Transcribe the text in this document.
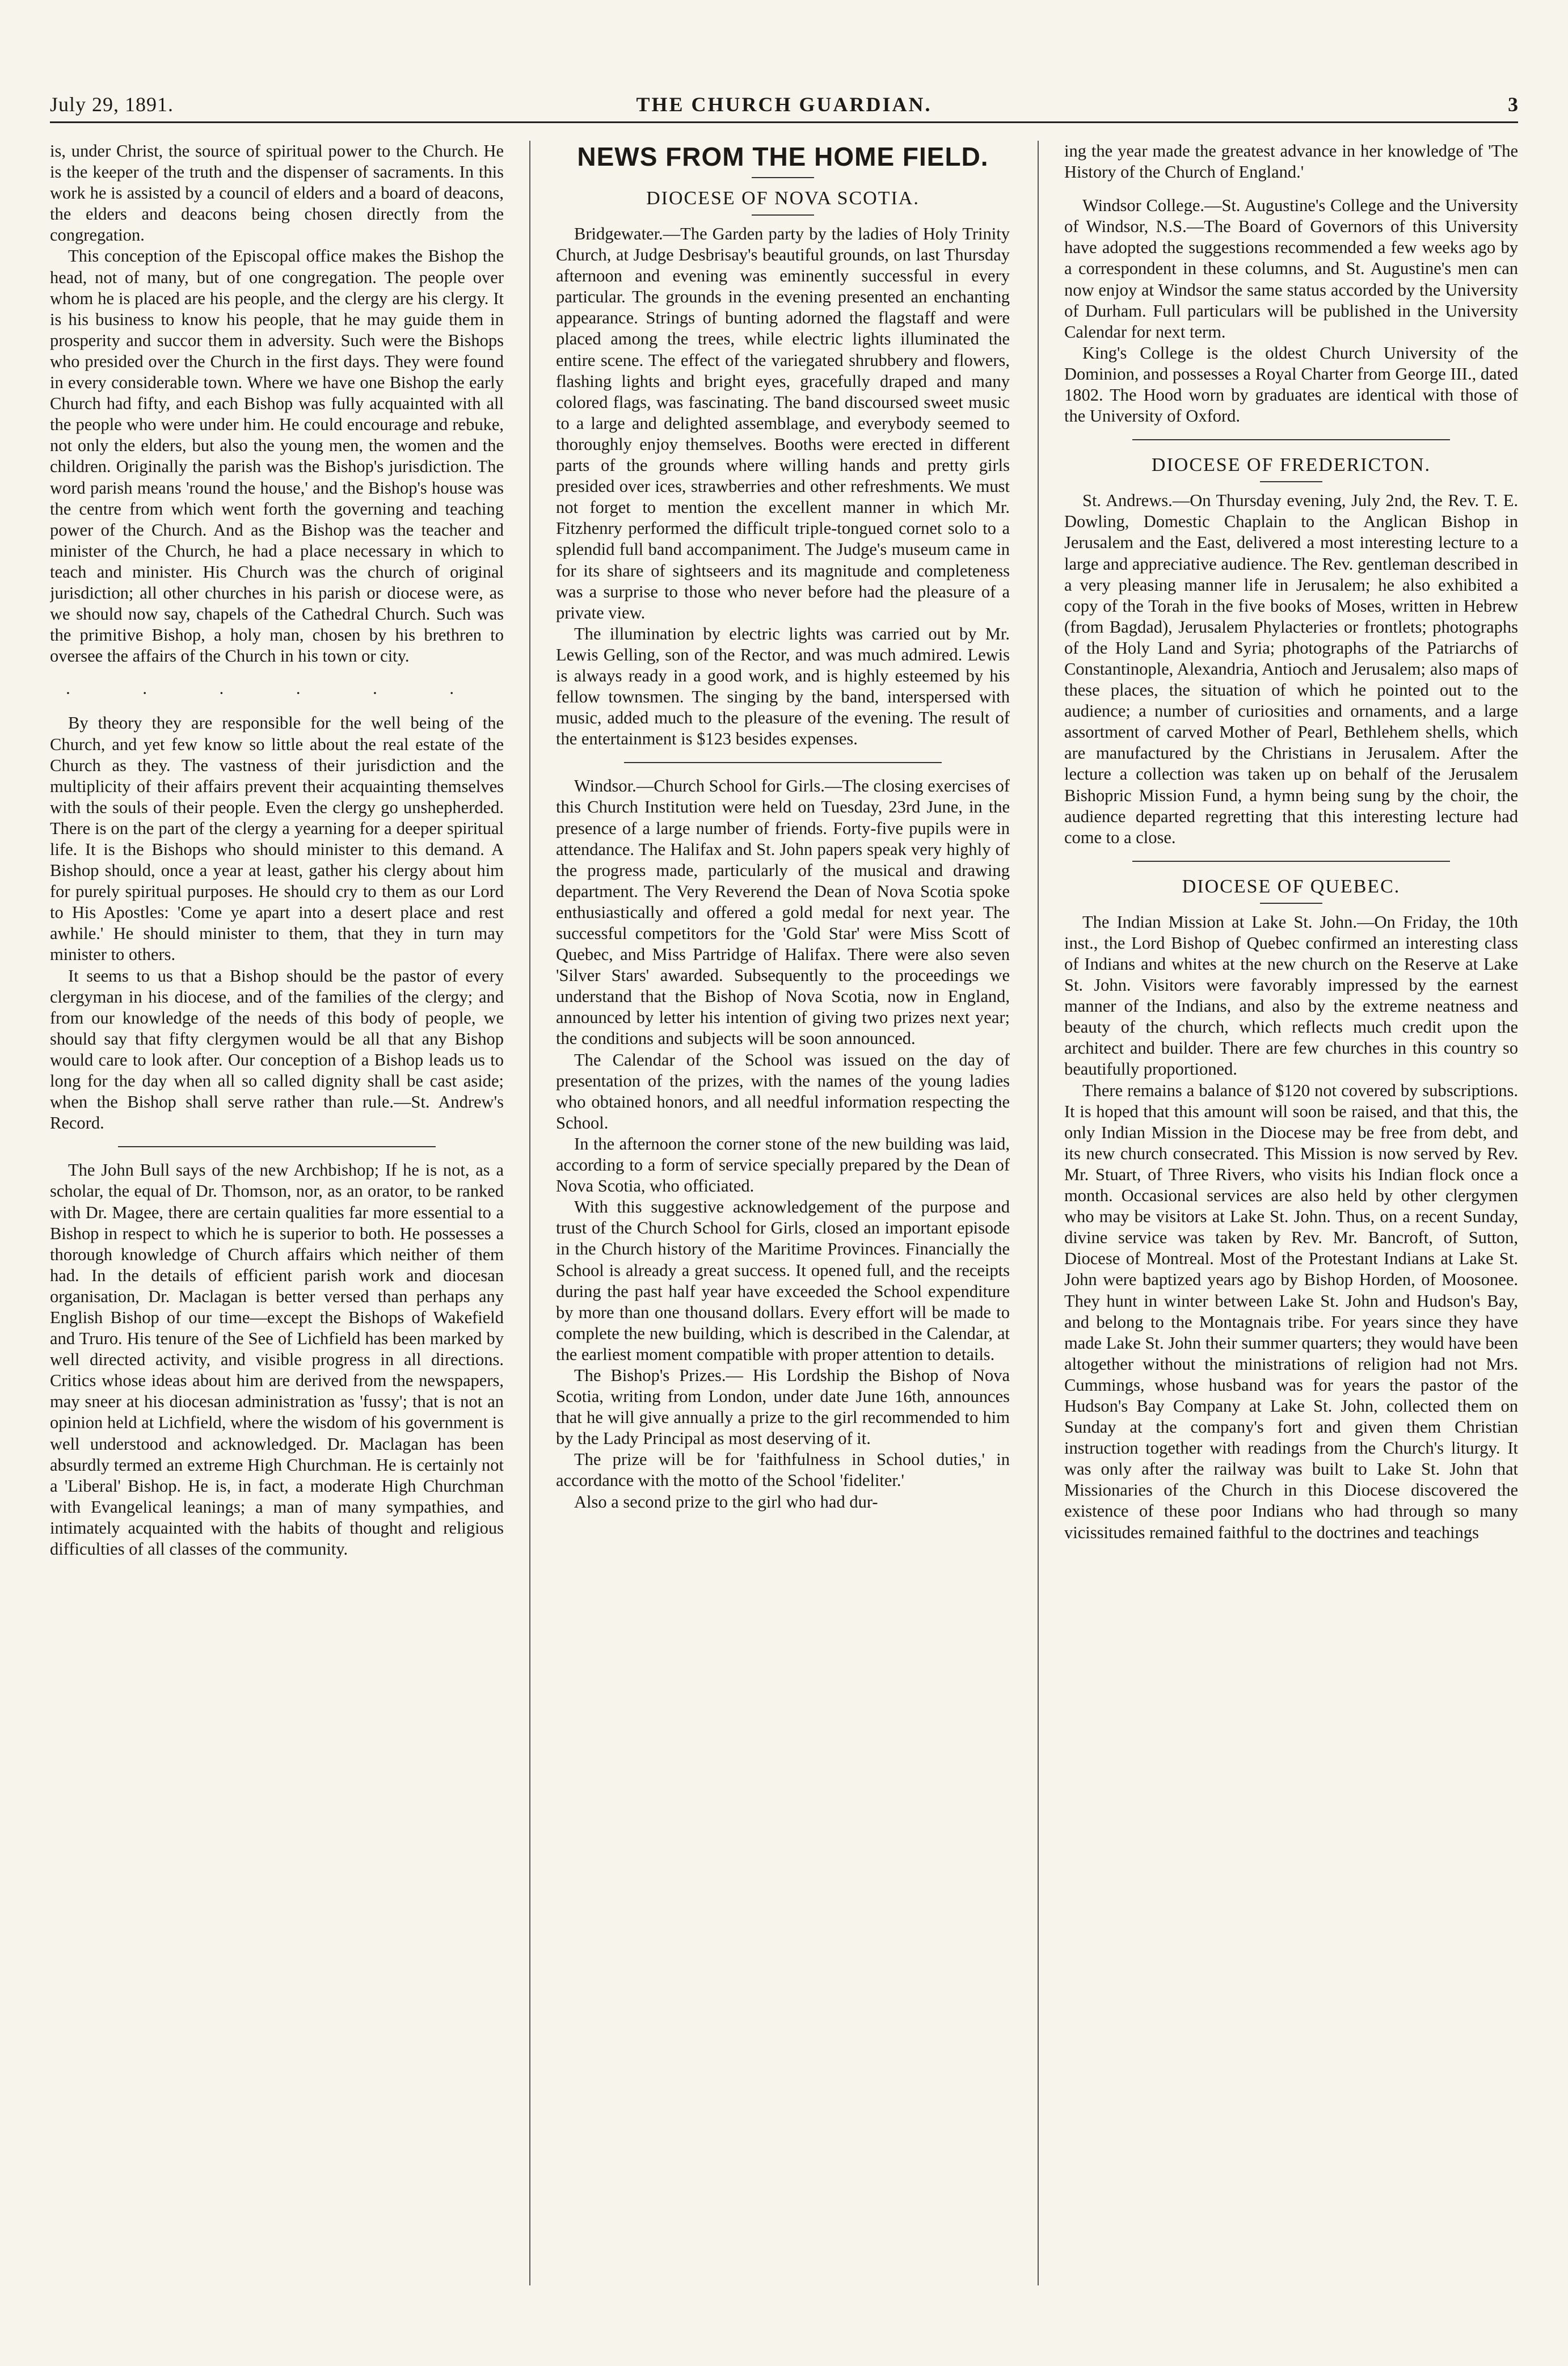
July 29, 1891.	THE CHURCH GUARDIAN.	3

is, under Christ, the source of spiritual power to the Church. He is the keeper of the truth and the dispenser of sacraments. In this work he is assisted by a council of elders and a board of deacons, the elders and deacons being chosen directly from the congregation.

This conception of the Episcopal office makes the Bishop the head, not of many, but of one congregation. The people over whom he is placed are his people, and the clergy are his clergy. It is his business to know his people, that he may guide them in prosperity and succor them in adversity. Such were the Bishops who presided over the Church in the first days. They were found in every considerable town. Where we have one Bishop the early Church had fifty, and each Bishop was fully acquainted with all the people who were under him. He could encourage and rebuke, not only the elders, but also the young men, the women and the children. Originally the parish was the Bishop's jurisdiction. The word parish means 'round the house,' and the Bishop's house was the centre from which went forth the governing and teaching power of the Church. And as the Bishop was the teacher and minister of the Church, he had a place necessary in which to teach and minister. His Church was the church of original jurisdiction; all other churches in his parish or diocese were, as we should now say, chapels of the Cathedral Church. Such was the primitive Bishop, a holy man, chosen by his brethren to oversee the affairs of the Church in his town or city.

. . . . . .

By theory they are responsible for the well being of the Church, and yet few know so little about the real estate of the Church as they. The vastness of their jurisdiction and the multiplicity of their affairs prevent their acquainting themselves with the souls of their people. Even the clergy go unshepherded. There is on the part of the clergy a yearning for a deeper spiritual life. It is the Bishops who should minister to this demand. A Bishop should, once a year at least, gather his clergy about him for purely spiritual purposes. He should cry to them as our Lord to His Apostles: 'Come ye apart into a desert place and rest awhile.' He should minister to them, that they in turn may minister to others.

It seems to us that a Bishop should be the pastor of every clergyman in his diocese, and of the families of the clergy; and from our knowledge of the needs of this body of people, we should say that fifty clergymen would be all that any Bishop would care to look after. Our conception of a Bishop leads us to long for the day when all so called dignity shall be cast aside; when the Bishop shall serve rather than rule.—St. Andrew's Record.

The John Bull says of the new Archbishop; If he is not, as a scholar, the equal of Dr. Thomson, nor, as an orator, to be ranked with Dr. Magee, there are certain qualities far more essential to a Bishop in respect to which he is superior to both. He possesses a thorough knowledge of Church affairs which neither of them had. In the details of efficient parish work and diocesan organisation, Dr. Maclagan is better versed than perhaps any English Bishop of our time—except the Bishops of Wakefield and Truro. His tenure of the See of Lichfield has been marked by well directed activity, and visible progress in all directions. Critics whose ideas about him are derived from the newspapers, may sneer at his diocesan administration as 'fussy'; that is not an opinion held at Lichfield, where the wisdom of his government is well understood and acknowledged. Dr. Maclagan has been absurdly termed an extreme High Churchman. He is certainly not a 'Liberal' Bishop. He is, in fact, a moderate High Churchman with Evangelical leanings; a man of many sympathies, and intimately acquainted with the habits of thought and religious difficulties of all classes of the community.

NEWS FROM THE HOME FIELD.
DIOCESE OF NOVA SCOTIA.

Bridgewater.—The Garden party by the ladies of Holy Trinity Church, at Judge Desbrisay's beautiful grounds, on last Thursday afternoon and evening was eminently successful in every particular. The grounds in the evening presented an enchanting appearance. Strings of bunting adorned the flagstaff and were placed among the trees, while electric lights illuminated the entire scene. The effect of the variegated shrubbery and flowers, flashing lights and bright eyes, gracefully draped and many colored flags, was fascinating. The band discoursed sweet music to a large and delighted assemblage, and everybody seemed to thoroughly enjoy themselves. Booths were erected in different parts of the grounds where willing hands and pretty girls presided over ices, strawberries and other refreshments. We must not forget to mention the excellent manner in which Mr. Fitzhenry performed the difficult triple-tongued cornet solo to a splendid full band accompaniment. The Judge's museum came in for its share of sightseers and its magnitude and completeness was a surprise to those who never before had the pleasure of a private view.

The illumination by electric lights was carried out by Mr. Lewis Gelling, son of the Rector, and was much admired. Lewis is always ready in a good work, and is highly esteemed by his fellow townsmen. The singing by the band, interspersed with music, added much to the pleasure of the evening. The result of the entertainment is $123 besides expenses.

Windsor.—Church School for Girls.—The closing exercises of this Church Institution were held on Tuesday, 23rd June, in the presence of a large number of friends. Forty-five pupils were in attendance. The Halifax and St. John papers speak very highly of the progress made, particularly of the musical and drawing department. The Very Reverend the Dean of Nova Scotia spoke enthusiastically and offered a gold medal for next year. The successful competitors for the 'Gold Star' were Miss Scott of Quebec, and Miss Partridge of Halifax. There were also seven 'Silver Stars' awarded. Subsequently to the proceedings we understand that the Bishop of Nova Scotia, now in England, announced by letter his intention of giving two prizes next year; the conditions and subjects will be soon announced.

The Calendar of the School was issued on the day of presentation of the prizes, with the names of the young ladies who obtained honors, and all needful information respecting the School.

In the afternoon the corner stone of the new building was laid, according to a form of service specially prepared by the Dean of Nova Scotia, who officiated.

With this suggestive acknowledgement of the purpose and trust of the Church School for Girls, closed an important episode in the Church history of the Maritime Provinces. Financially the School is already a great success. It opened full, and the receipts during the past half year have exceeded the School expenditure by more than one thousand dollars. Every effort will be made to complete the new building, which is described in the Calendar, at the earliest moment compatible with proper attention to details.

The Bishop's Prizes.— His Lordship the Bishop of Nova Scotia, writing from London, under date June 16th, announces that he will give annually a prize to the girl recommended to him by the Lady Principal as most deserving of it.

The prize will be for 'faithfulness in School duties,' in accordance with the motto of the School 'fideliter.'

Also a second prize to the girl who had dur-

ing the year made the greatest advance in her knowledge of 'The History of the Church of England.'

Windsor College.—St. Augustine's College and the University of Windsor, N.S.—The Board of Governors of this University have adopted the suggestions recommended a few weeks ago by a correspondent in these columns, and St. Augustine's men can now enjoy at Windsor the same status accorded by the University of Durham. Full particulars will be published in the University Calendar for next term.

King's College is the oldest Church University of the Dominion, and possesses a Royal Charter from George III., dated 1802. The Hood worn by graduates are identical with those of the University of Oxford.

DIOCESE OF FREDERICTON.

St. Andrews.—On Thursday evening, July 2nd, the Rev. T. E. Dowling, Domestic Chaplain to the Anglican Bishop in Jerusalem and the East, delivered a most interesting lecture to a large and appreciative audience. The Rev. gentleman described in a very pleasing manner life in Jerusalem; he also exhibited a copy of the Torah in the five books of Moses, written in Hebrew (from Bagdad), Jerusalem Phylacteries or frontlets; photographs of the Holy Land and Syria; photographs of the Patriarchs of Constantinople, Alexandria, Antioch and Jerusalem; also maps of these places, the situation of which he pointed out to the audience; a number of curiosities and ornaments, and a large assortment of carved Mother of Pearl, Bethlehem shells, which are manufactured by the Christians in Jerusalem. After the lecture a collection was taken up on behalf of the Jerusalem Bishopric Mission Fund, a hymn being sung by the choir, the audience departed regretting that this interesting lecture had come to a close.

DIOCESE OF QUEBEC.

The Indian Mission at Lake St. John.—On Friday, the 10th inst., the Lord Bishop of Quebec confirmed an interesting class of Indians and whites at the new church on the Reserve at Lake St. John. Visitors were favorably impressed by the earnest manner of the Indians, and also by the extreme neatness and beauty of the church, which reflects much credit upon the architect and builder. There are few churches in this country so beautifully proportioned.

There remains a balance of $120 not covered by subscriptions. It is hoped that this amount will soon be raised, and that this, the only Indian Mission in the Diocese may be free from debt, and its new church consecrated. This Mission is now served by Rev. Mr. Stuart, of Three Rivers, who visits his Indian flock once a month. Occasional services are also held by other clergymen who may be visitors at Lake St. John. Thus, on a recent Sunday, divine service was taken by Rev. Mr. Bancroft, of Sutton, Diocese of Montreal. Most of the Protestant Indians at Lake St. John were baptized years ago by Bishop Horden, of Moosonee. They hunt in winter between Lake St. John and Hudson's Bay, and belong to the Montagnais tribe. For years since they have made Lake St. John their summer quarters; they would have been altogether without the ministrations of religion had not Mrs. Cummings, whose husband was for years the pastor of the Hudson's Bay Company at Lake St. John, collected them on Sunday at the company's fort and given them Christian instruction together with readings from the Church's liturgy. It was only after the railway was built to Lake St. John that Missionaries of the Church in this Diocese discovered the existence of these poor Indians who had through so many vicissitudes remained faithful to the doctrines and teachings
